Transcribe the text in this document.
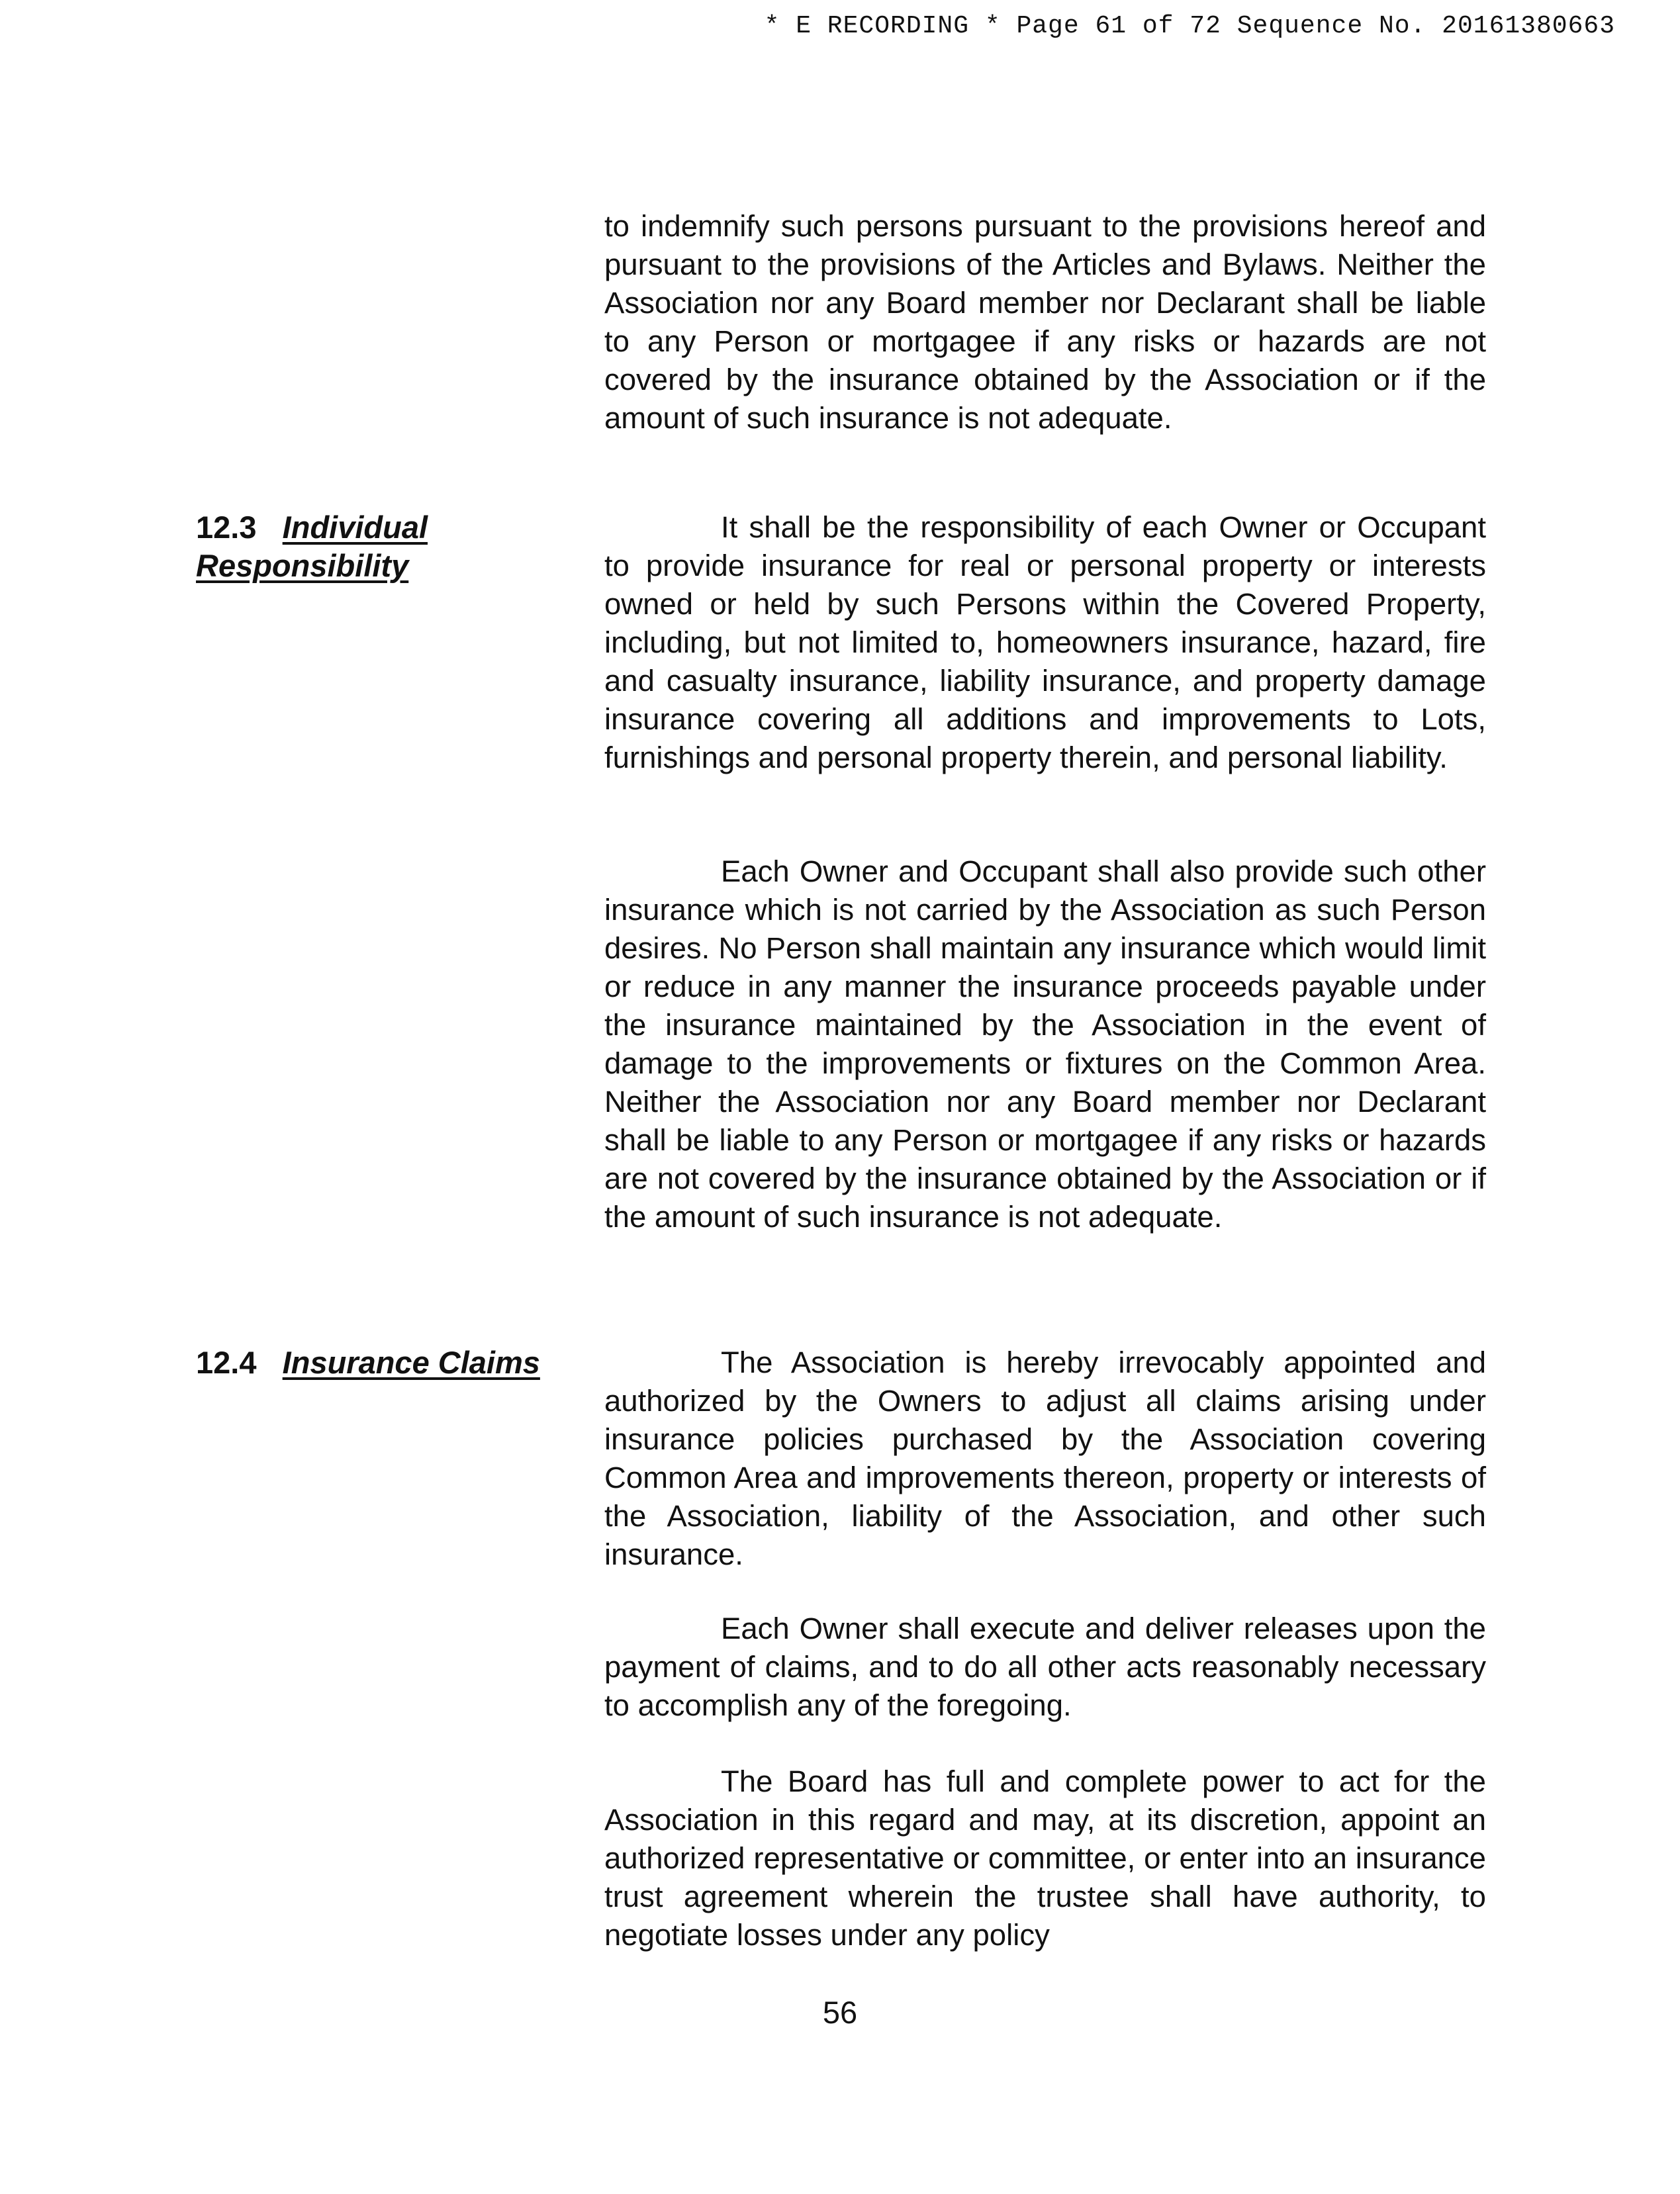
* E RECORDING * Page 61 of 72 Sequence No. 20161380663

to indemnify such persons pursuant to the provisions hereof and pursuant to the provisions of the Articles and Bylaws. Neither the Association nor any Board member nor Declarant shall be liable to any Person or mortgagee if any risks or hazards are not covered by the insurance obtained by the Association or if the amount of such insurance is not adequate.

12.3 Individual
Responsibility

It shall be the responsibility of each Owner or Occupant to provide insurance for real or personal property or interests owned or held by such Persons within the Covered Property, including, but not limited to, homeowners insurance, hazard, fire and casualty insurance, liability insurance, and property damage insurance covering all additions and improvements to Lots, furnishings and personal property therein, and personal liability.

Each Owner and Occupant shall also provide such other insurance which is not carried by the Association as such Person desires. No Person shall maintain any insurance which would limit or reduce in any manner the insurance proceeds payable under the insurance maintained by the Association in the event of damage to the improvements or fixtures on the Common Area. Neither the Association nor any Board member nor Declarant shall be liable to any Person or mortgagee if any risks or hazards are not covered by the insurance obtained by the Association or if the amount of such insurance is not adequate.

12.4 Insurance Claims	The Association is hereby irrevocably appointed and authorized by the Owners to adjust all claims arising under insurance policies purchased by the Association covering Common Area and improvements thereon, property or interests of the Association, liability of the Association, and other such insurance.

Each Owner shall execute and deliver releases upon the payment of claims, and to do all other acts reasonably necessary to accomplish any of the foregoing.

The Board has full and complete power to act for the Association in this regard and may, at its discretion, appoint an authorized representative or committee, or enter into an insurance trust agreement wherein the trustee shall have authority, to negotiate losses under any policy

56
